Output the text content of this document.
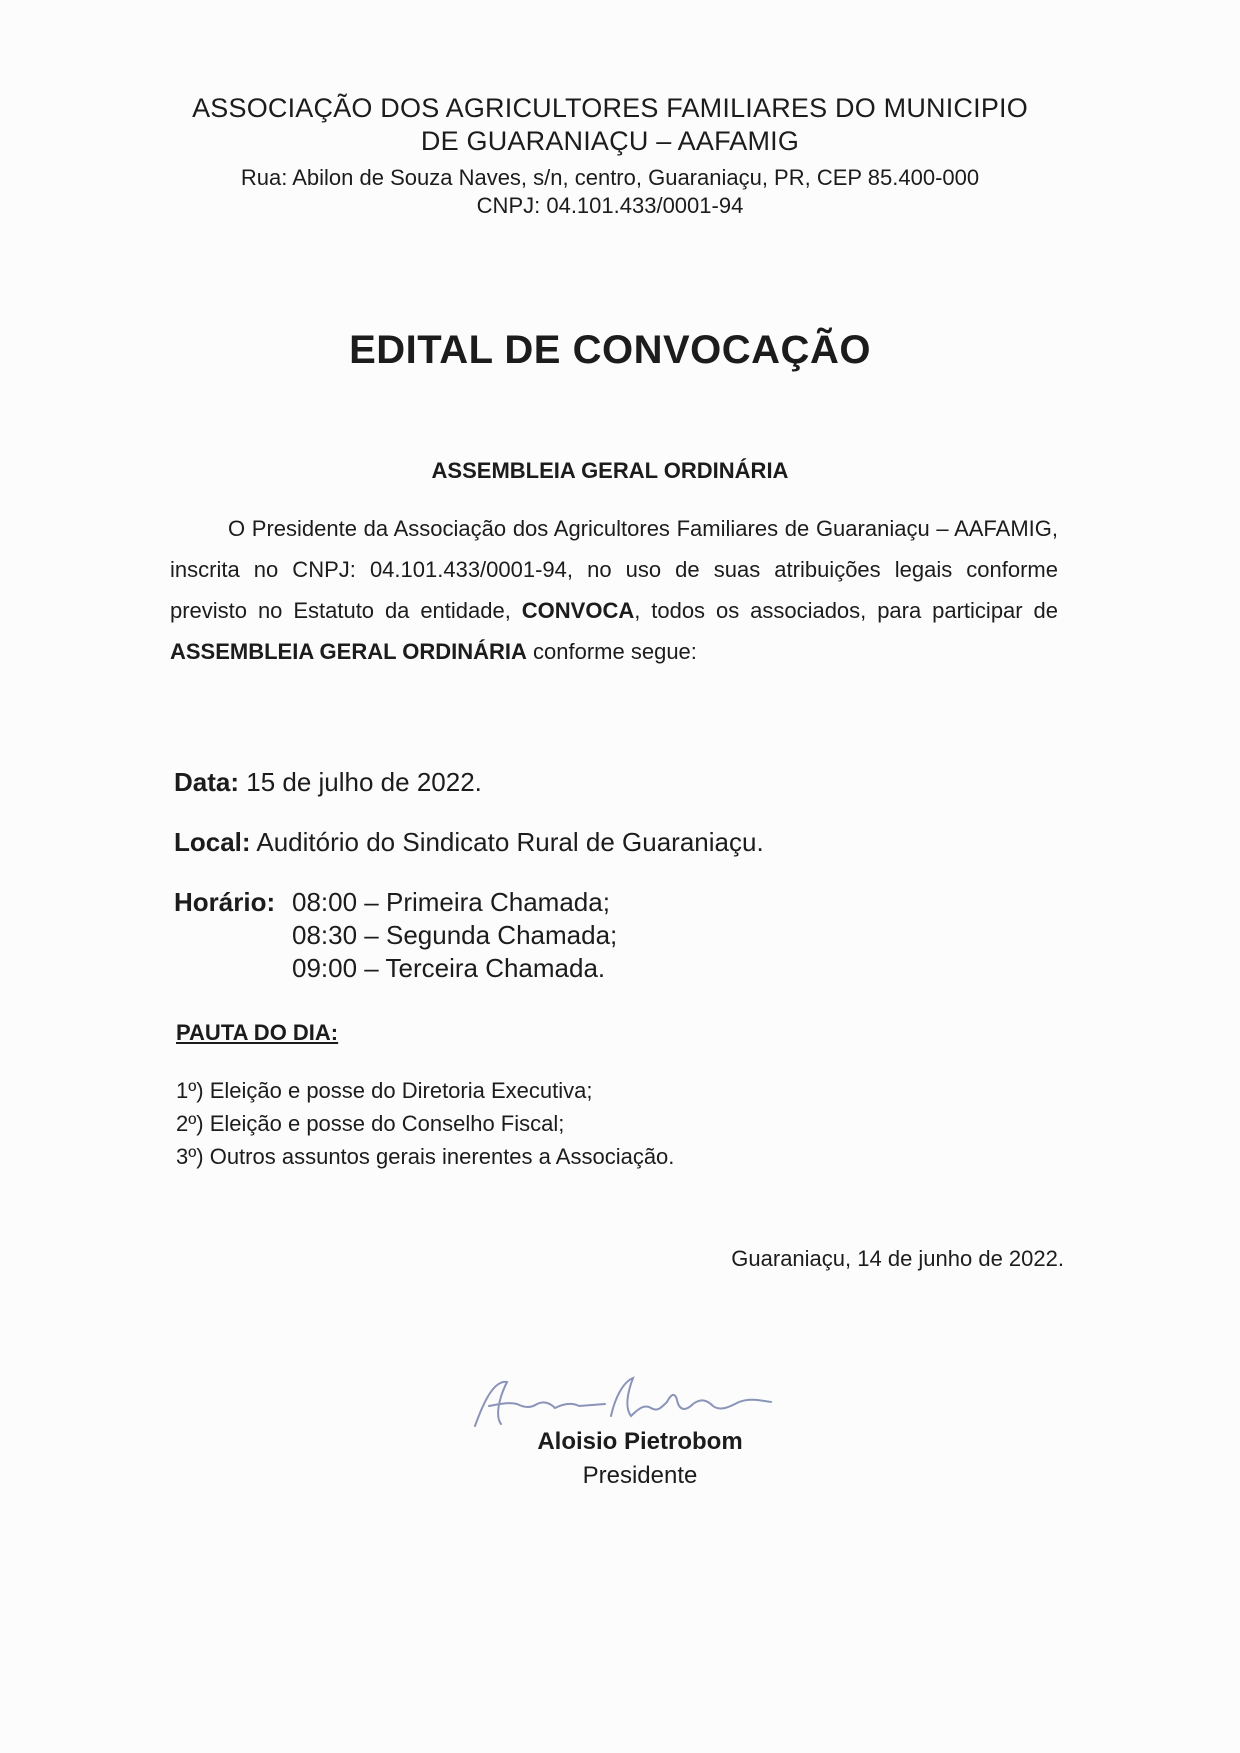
ASSOCIAÇÃO DOS AGRICULTORES FAMILIARES DO MUNICIPIO

DE GUARANIAÇU – AAFAMIG

Rua: Abilon de Souza Naves, s/n, centro, Guaraniaçu, PR, CEP 85.400-000

CNPJ: 04.101.433/0001-94

EDITAL DE CONVOCAÇÃO
ASSEMBLEIA GERAL ORDINÁRIA

O Presidente da Associação dos Agricultores Familiares de Guaraniaçu – AAFAMIG, inscrita no CNPJ: 04.101.433/0001-94, no uso de suas atribuições legais conforme previsto no Estatuto da entidade, CONVOCA, todos os associados, para participar de ASSEMBLEIA GERAL ORDINÁRIA conforme segue:

Data: 15 de julho de 2022.

Local: Auditório do Sindicato Rural de Guaraniaçu.

Horário: 08:00 – Primeira Chamada;
08:30 – Segunda Chamada;
09:00 – Terceira Chamada.

PAUTA DO DIA:

1º) Eleição e posse do Diretoria Executiva;
2º) Eleição e posse do Conselho Fiscal;
3º) Outros assuntos gerais inerentes a Associação.

Guaraniaçu, 14 de junho de 2022.

Aloisio Pietrobom

Presidente
